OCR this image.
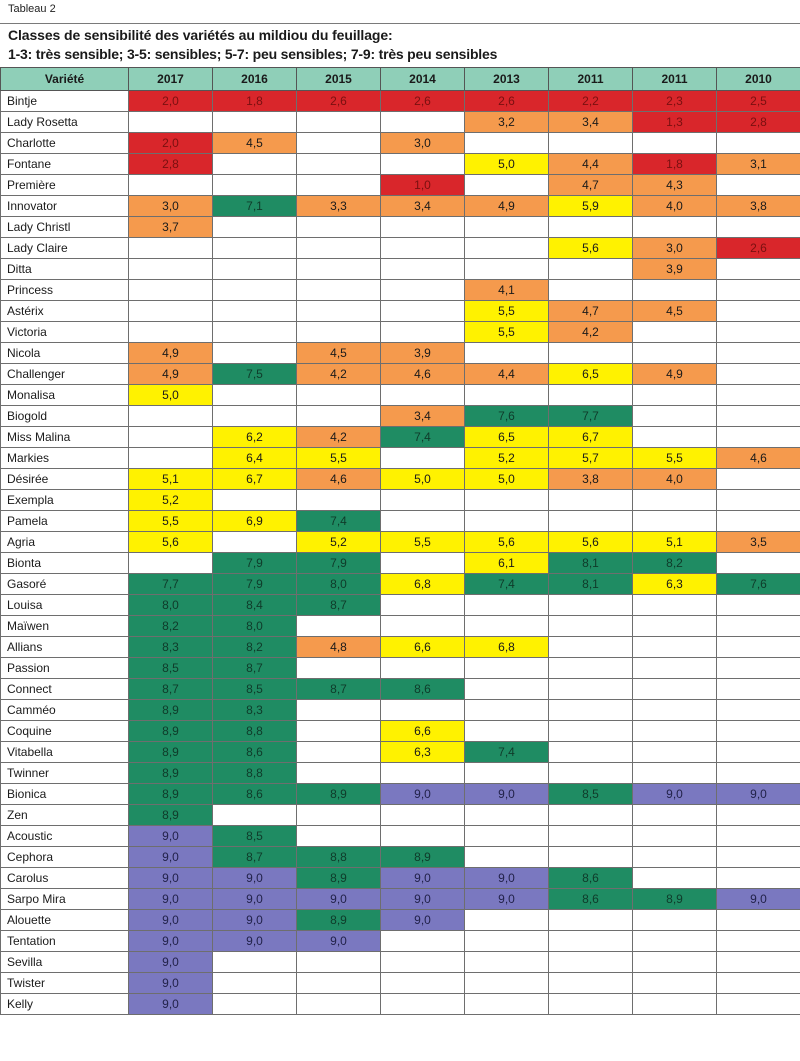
Tableau 2
Classes de sensibilité des variétés au mildiou du feuillage:
1-3: très sensible; 3-5: sensibles; 5-7: peu sensibles; 7-9: très peu sensibles
Variété	2017	2016	2015	2014	2013	2011	2011	2010
Bintje	2,0	1,8	2,6	2,6	2,6	2,2	2,3	2,5
Lady Rosetta					3,2	3,4	1,3	2,8
Charlotte	2,0	4,5		3,0				
Fontane	2,8				5,0	4,4	1,8	3,1
Première				1,0		4,7	4,3	
Innovator	3,0	7,1	3,3	3,4	4,9	5,9	4,0	3,8
Lady Christl	3,7							
Lady Claire						5,6	3,0	2,6
Ditta							3,9	
Princess					4,1			
Astérix					5,5	4,7	4,5	
Victoria					5,5	4,2		
Nicola	4,9		4,5	3,9				
Challenger	4,9	7,5	4,2	4,6	4,4	6,5	4,9	
Monalisa	5,0							
Biogold				3,4	7,6	7,7		
Miss Malina		6,2	4,2	7,4	6,5	6,7		
Markies		6,4	5,5		5,2	5,7	5,5	4,6
Désirée	5,1	6,7	4,6	5,0	5,0	3,8	4,0	
Exempla	5,2							
Pamela	5,5	6,9	7,4					
Agria	5,6		5,2	5,5	5,6	5,6	5,1	3,5
Bionta		7,9	7,9		6,1	8,1	8,2	
Gasoré	7,7	7,9	8,0	6,8	7,4	8,1	6,3	7,6
Louisa	8,0	8,4	8,7					
Maïwen	8,2	8,0						
Allians	8,3	8,2	4,8	6,6	6,8			
Passion	8,5	8,7						
Connect	8,7	8,5	8,7	8,6				
Camméo	8,9	8,3						
Coquine	8,9	8,8		6,6				
Vitabella	8,9	8,6		6,3	7,4			
Twinner	8,9	8,8						
Bionica	8,9	8,6	8,9	9,0	9,0	8,5	9,0	9,0
Zen	8,9							
Acoustic	9,0	8,5						
Cephora	9,0	8,7	8,8	8,9				
Carolus	9,0	9,0	8,9	9,0	9,0	8,6		
Sarpo Mira	9,0	9,0	9,0	9,0	9,0	8,6	8,9	9,0
Alouette	9,0	9,0	8,9	9,0				
Tentation	9,0	9,0	9,0					
Sevilla	9,0							
Twister	9,0							
Kelly	9,0							
